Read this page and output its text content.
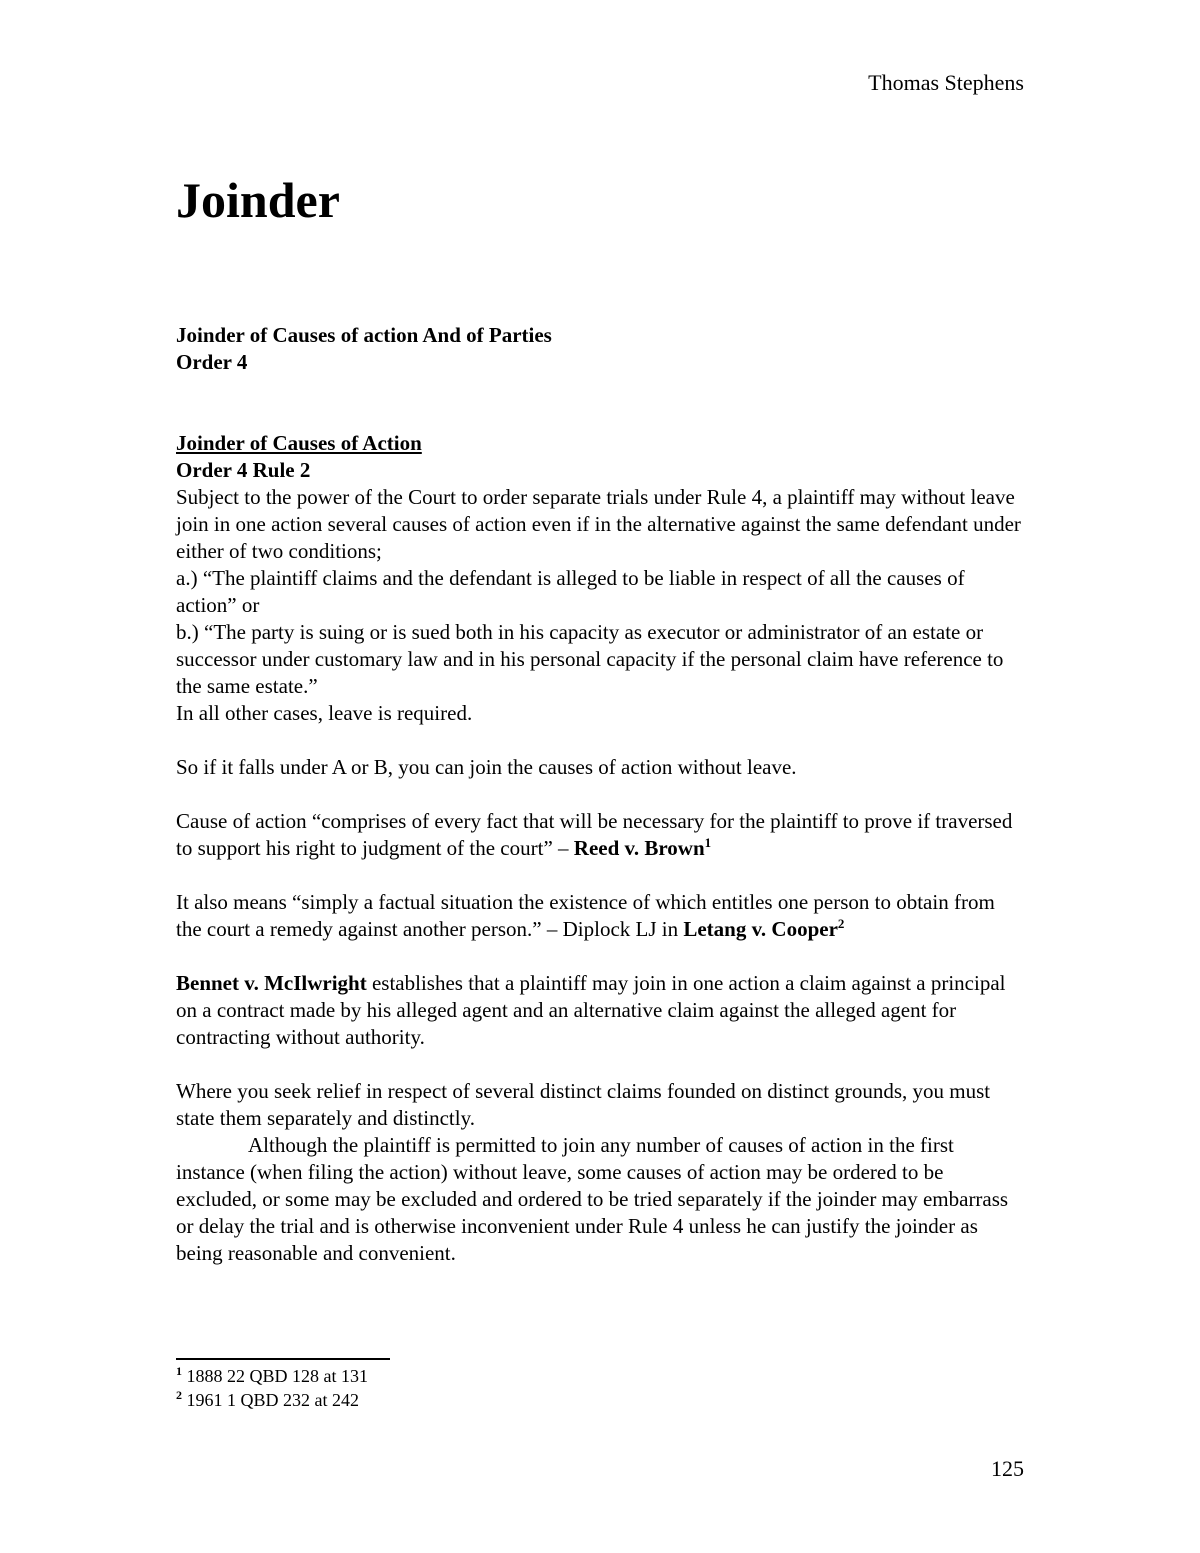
Thomas Stephens
Joinder

Joinder of Causes of action And of Parties

Order 4

Joinder of Causes of Action

Order 4 Rule 2

Subject to the power of the Court to order separate trials under Rule 4, a plaintiff may without leave join in one action several causes of action even if in the alternative against the same defendant under either of two conditions;

a.) “The plaintiff claims and the defendant is alleged to be liable in respect of all the causes of action” or

b.) “The party is suing or is sued both in his capacity as executor or administrator of an estate or successor under customary law and in his personal capacity if the personal claim have reference to the same estate.”

In all other cases, leave is required.

So if it falls under A or B, you can join the causes of action without leave.

Cause of action “comprises of every fact that will be necessary for the plaintiff to prove if traversed to support his right to judgment of the court” – Reed v. Brown$^1$

It also means “simply a factual situation the existence of which entitles one person to obtain from the court a remedy against another person.” – Diplock LJ in Letang v. Cooper$^2$

Bennet v. McIlwright establishes that a plaintiff may join in one action a claim against a principal on a contract made by his alleged agent and an alternative claim against the alleged agent for contracting without authority.

Where you seek relief in respect of several distinct claims founded on distinct grounds, you must state them separately and distinctly.

Although the plaintiff is permitted to join any number of causes of action in the first instance (when filing the action) without leave, some causes of action may be ordered to be excluded, or some may be excluded and ordered to be tried separately if the joinder may embarrass or delay the trial and is otherwise inconvenient under Rule 4 unless he can justify the joinder as being reasonable and convenient.

$^1$ 1888 22 QBD 128 at 131
$^2$ 1961 1 QBD 232 at 242
125
